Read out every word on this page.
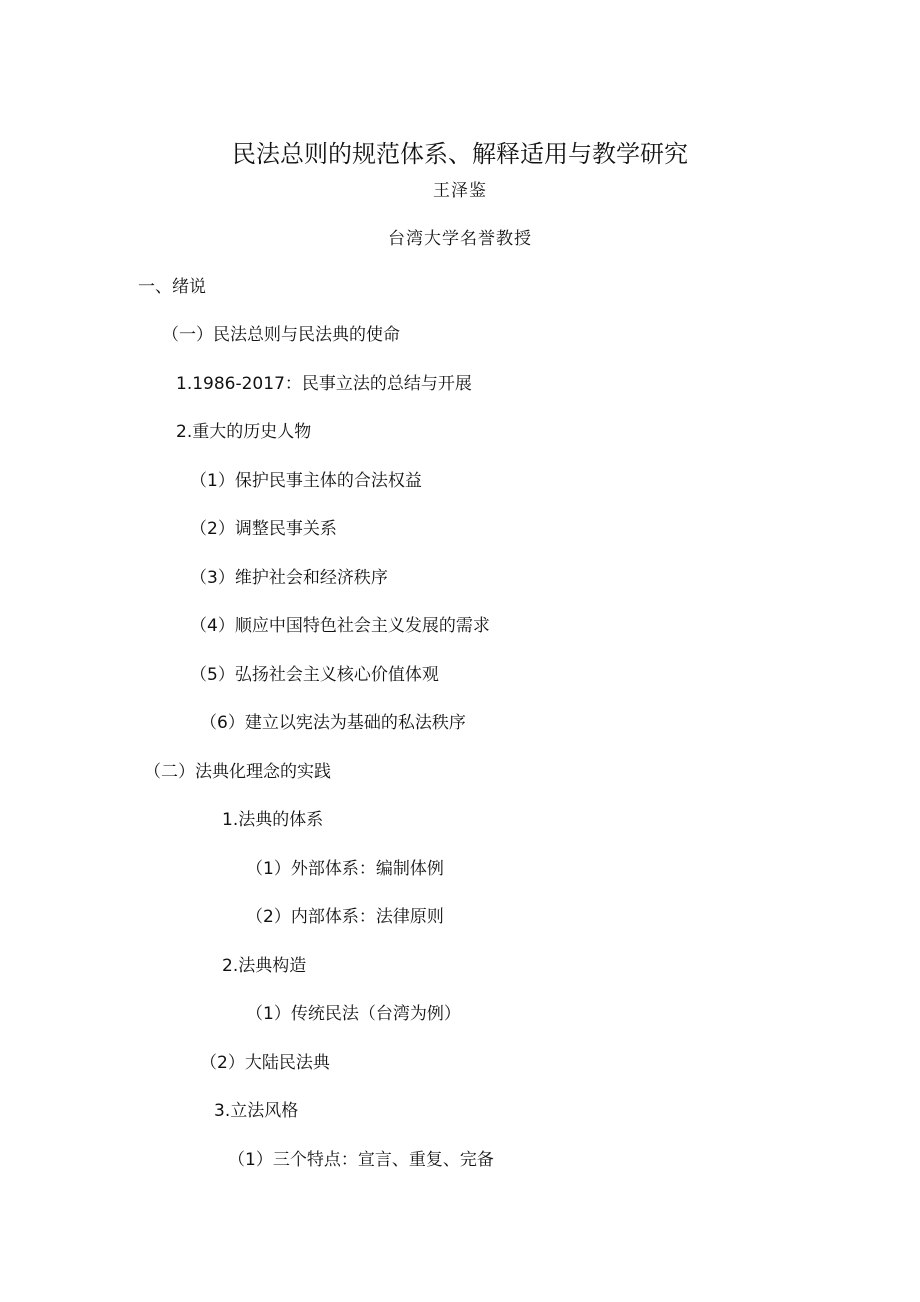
民法总则的规范体系、解释适用与教学研究
王泽鉴
台湾大学名誉教授
一、绪说
（一）民法总则与民法典的使命
1.1986-2017：民事立法的总结与开展
2.重大的历史人物
（1）保护民事主体的合法权益
（2）调整民事关系
（3）维护社会和经济秩序
（4）顺应中国特色社会主义发展的需求
（5）弘扬社会主义核心价值体观
（6）建立以宪法为基础的私法秩序
（二）法典化理念的实践
1.法典的体系
（1）外部体系：编制体例
（2）内部体系：法律原则
2.法典构造
（1）传统民法（台湾为例）
（2）大陆民法典
3.立法风格
（1）三个特点：宣言、重复、完备
